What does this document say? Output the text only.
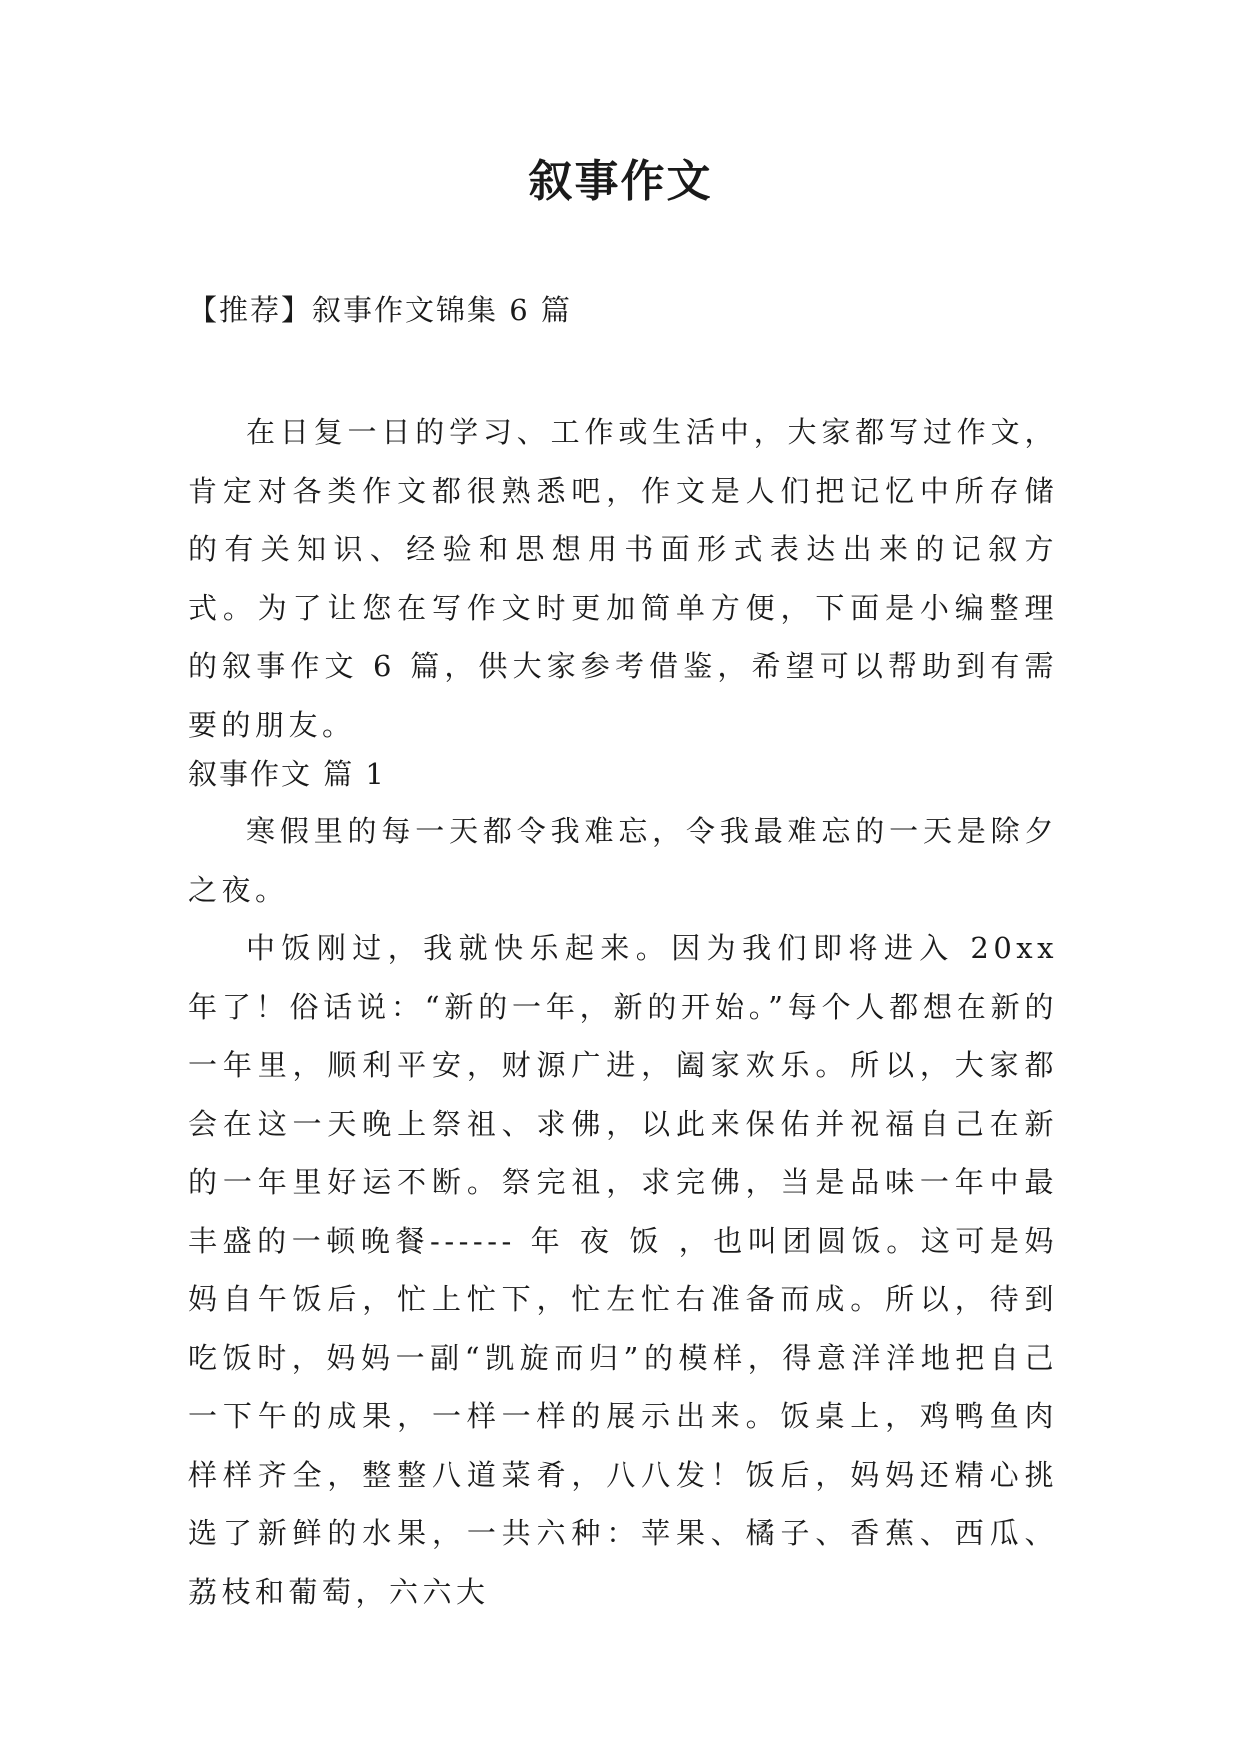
叙事作文

【推荐】叙事作文锦集 6 篇

在日复一日的学习、工作或生活中，大家都写过作文，肯定对各类作文都很熟悉吧，作文是人们把记忆中所存储的有关知识、经验和思想用书面形式表达出来的记叙方式。为了让您在写作文时更加简单方便，下面是小编整理的叙事作文 6 篇，供大家参考借鉴，希望可以帮助到有需要的朋友。

叙事作文 篇 1

寒假里的每一天都令我难忘，令我最难忘的一天是除夕之夜。

中饭刚过，我就快乐起来。因为我们即将进入 20xx 年了！俗话说：“新的一年，新的开始。”每个人都想在新的一年里，顺利平安，财源广进，阖家欢乐。所以，大家都会在这一天晚上祭祖、求佛，以此来保佑并祝福自己在新的一年里好运不断。祭完祖，求完佛，当是品味一年中最丰盛的一顿晚餐------ 年 夜 饭 ，也叫团圆饭。这可是妈妈自午饭后，忙上忙下，忙左忙右准备而成。所以，待到吃饭时，妈妈一副“凯旋而归”的模样，得意洋洋地把自己一下午的成果，一样一样的展示出来。饭桌上，鸡鸭鱼肉样样齐全，整整八道菜肴，八八发！饭后，妈妈还精心挑选了新鲜的水果，一共六种：苹果、橘子、香蕉、西瓜、荔枝和葡萄，六六大
